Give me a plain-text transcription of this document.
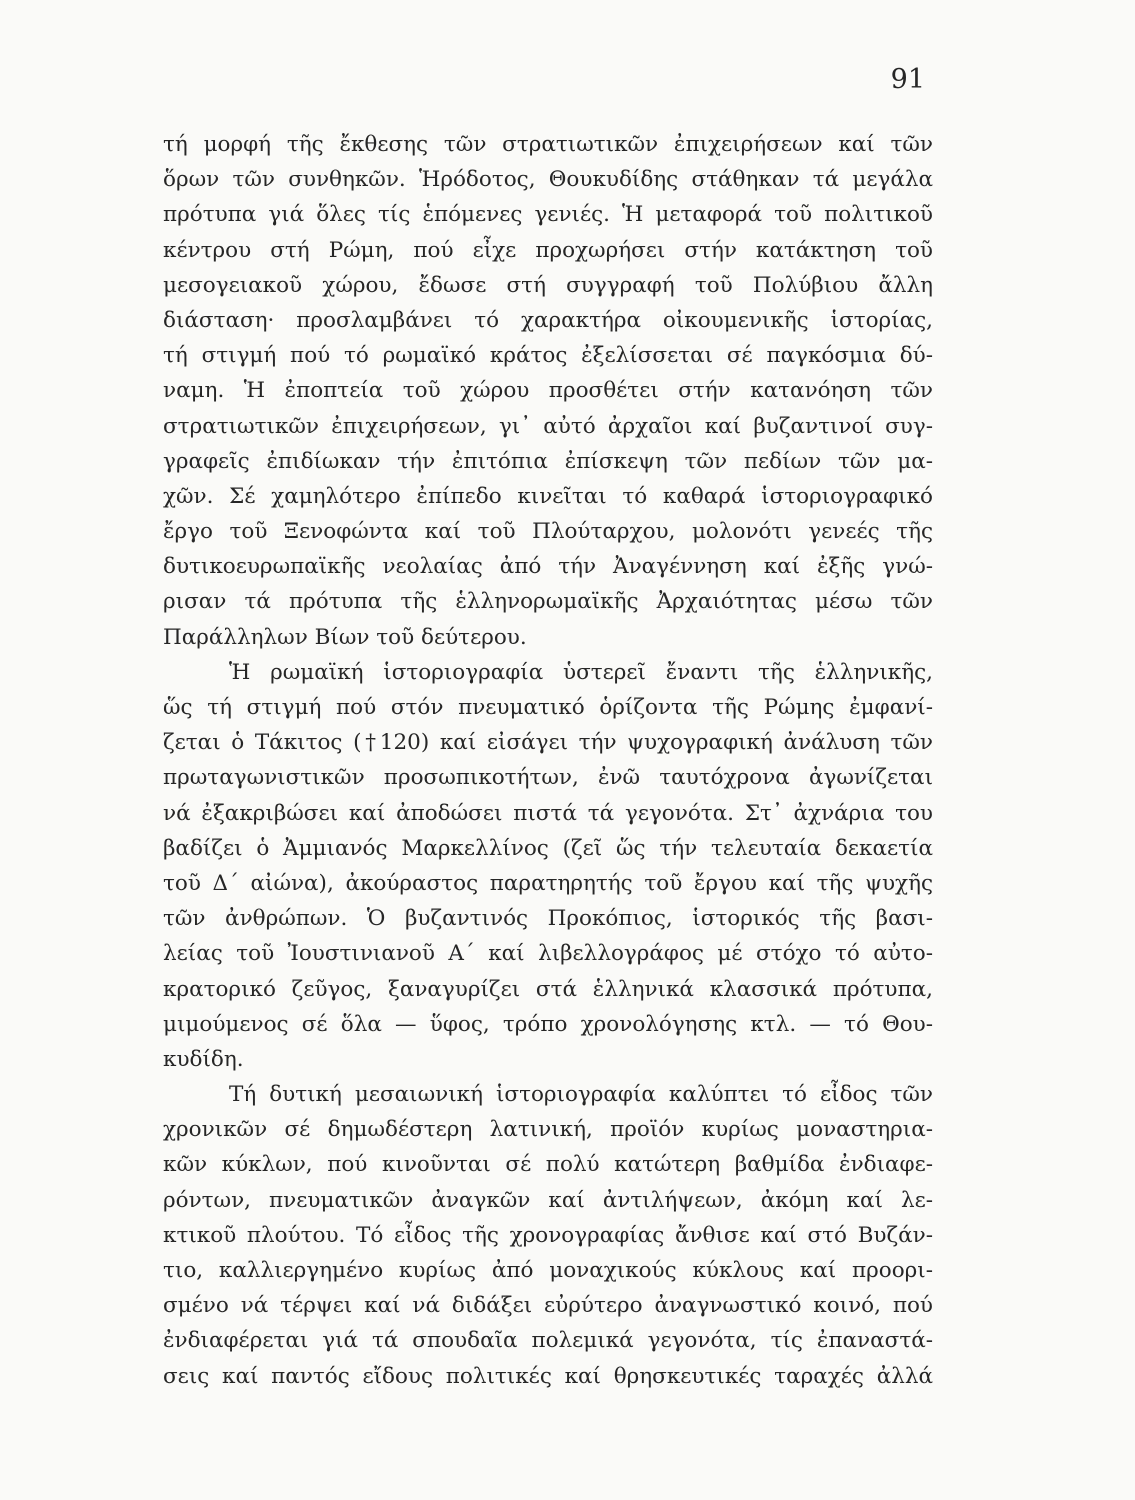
91
τή μορφή τῆς ἔκθεσης τῶν στρατιωτικῶν ἐπιχειρήσεων καί τῶν
ὅρων τῶν συνθηκῶν. Ἡρόδοτος, Θουκυδίδης στάθηκαν τά μεγάλα
πρότυπα γιά ὅλες τίς ἑπόμενες γενιές. Ἡ μεταφορά τοῦ πολιτικοῦ
κέντρου στή Ρώμη, πού εἶχε προχωρήσει στήν κατάκτηση τοῦ
μεσογειακοῦ χώρου, ἔδωσε στή συγγραφή τοῦ Πολύβιου ἄλλη
διάσταση· προσλαμβάνει τό χαρακτήρα οἰκουμενικῆς ἱστορίας,
τή στιγμή πού τό ρωμαϊκό κράτος ἐξελίσσεται σέ παγκόσμια δύ-
ναμη. Ἡ ἐποπτεία τοῦ χώρου προσθέτει στήν κατανόηση τῶν
στρατιωτικῶν ἐπιχειρήσεων, γι᾽ αὐτό ἀρχαῖοι καί βυζαντινοί συγ-
γραφεῖς ἐπιδίωκαν τήν ἐπιτόπια ἐπίσκεψη τῶν πεδίων τῶν μα-
χῶν. Σέ χαμηλότερο ἐπίπεδο κινεῖται τό καθαρά ἱστοριογραφικό
ἔργο τοῦ Ξενοφώντα καί τοῦ Πλούταρχου, μολονότι γενεές τῆς
δυτικοευρωπαϊκῆς νεολαίας ἀπό τήν Ἀναγέννηση καί ἐξῆς γνώ-
ρισαν τά πρότυπα τῆς ἑλληνορωμαϊκῆς Ἀρχαιότητας μέσω τῶν
Παράλληλων Βίων τοῦ δεύτερου.
Ἡ ρωμαϊκή ἱστοριογραφία ὑστερεῖ ἔναντι τῆς ἑλληνικῆς,
ὥς τή στιγμή πού στόν πνευματικό ὁρίζοντα τῆς Ρώμης ἐμφανί-
ζεται ὁ Τάκιτος (†120) καί εἰσάγει τήν ψυχογραφική ἀνάλυση τῶν
πρωταγωνιστικῶν προσωπικοτήτων, ἐνῶ ταυτόχρονα ἀγωνίζεται
νά ἐξακριβώσει καί ἀποδώσει πιστά τά γεγονότα. Στ᾽ ἀχνάρια του
βαδίζει ὁ Ἀμμιανός Μαρκελλίνος (ζεῖ ὥς τήν τελευταία δεκαετία
τοῦ Δ´ αἰώνα), ἀκούραστος παρατηρητής τοῦ ἔργου καί τῆς ψυχῆς
τῶν ἀνθρώπων. Ὁ βυζαντινός Προκόπιος, ἱστορικός τῆς βασι-
λείας τοῦ Ἰουστινιανοῦ Α´ καί λιβελλογράφος μέ στόχο τό αὐτο-
κρατορικό ζεῦγος, ξαναγυρίζει στά ἑλληνικά κλασσικά πρότυπα,
μιμούμενος σέ ὅλα — ὕφος, τρόπο χρονολόγησης κτλ. — τό Θου-
κυδίδη.
Τή δυτική μεσαιωνική ἱστοριογραφία καλύπτει τό εἶδος τῶν
χρονικῶν σέ δημωδέστερη λατινική, προϊόν κυρίως μοναστηρια-
κῶν κύκλων, πού κινοῦνται σέ πολύ κατώτερη βαθμίδα ἐνδιαφε-
ρόντων, πνευματικῶν ἀναγκῶν καί ἀντιλήψεων, ἀκόμη καί λε-
κτικοῦ πλούτου. Τό εἶδος τῆς χρονογραφίας ἄνθισε καί στό Βυζάν-
τιο, καλλιεργημένο κυρίως ἀπό μοναχικούς κύκλους καί προορι-
σμένο νά τέρψει καί νά διδάξει εὐρύτερο ἀναγνωστικό κοινό, πού
ἐνδιαφέρεται γιά τά σπουδαῖα πολεμικά γεγονότα, τίς ἐπαναστά-
σεις καί παντός εἴδους πολιτικές καί θρησκευτικές ταραχές ἀλλά
